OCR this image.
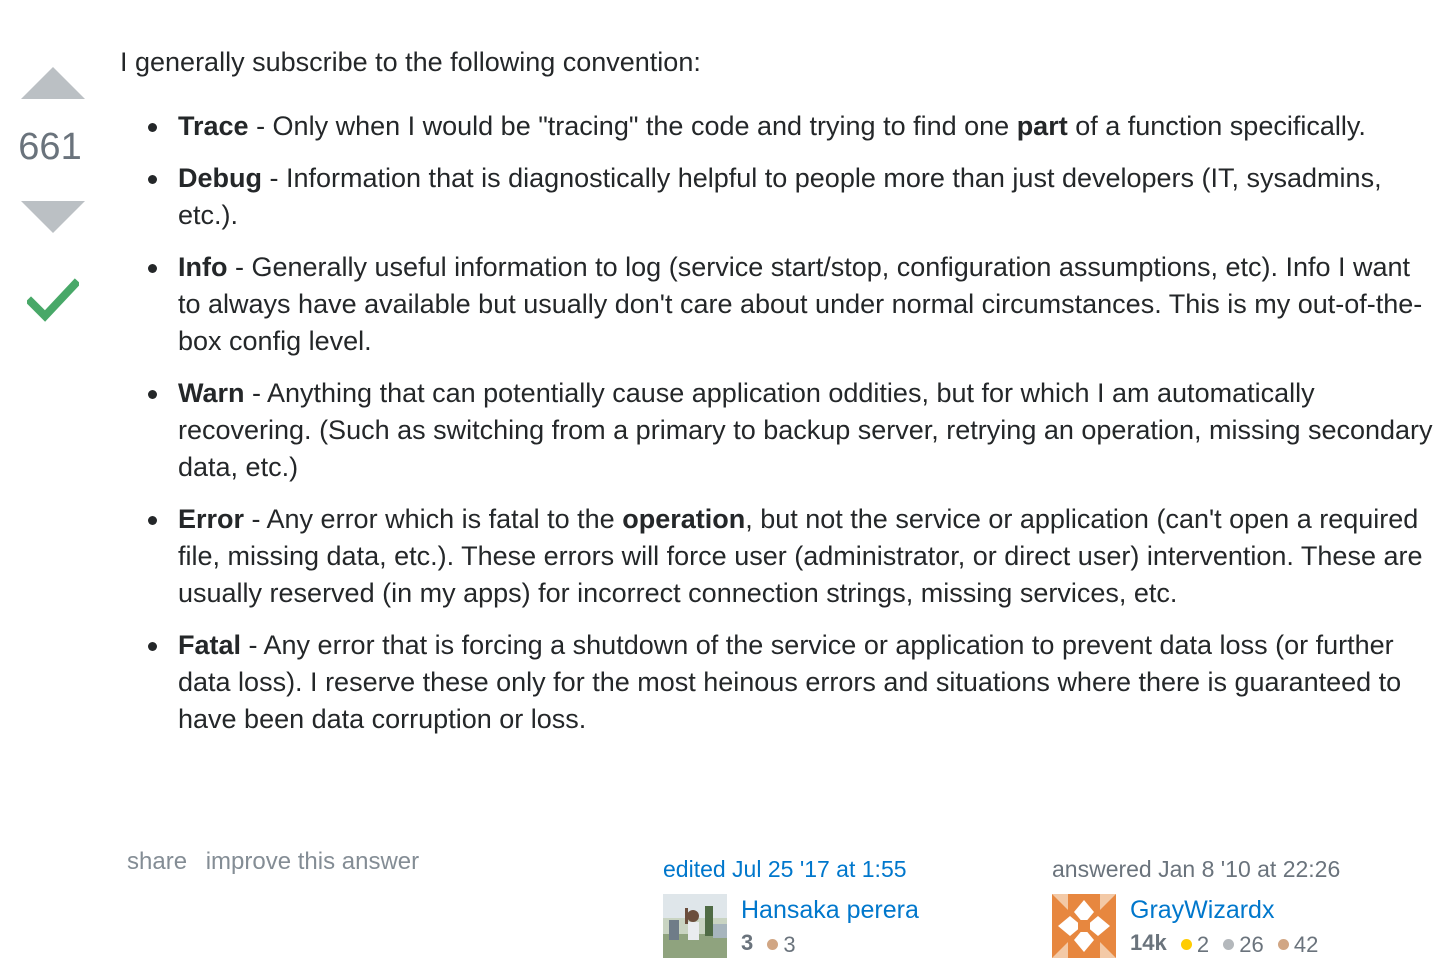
661

I generally subscribe to the following convention:

Trace - Only when I would be "tracing" the code and trying to find one part of a function specifically.
Debug - Information that is diagnostically helpful to people more than just developers (IT, sysadmins, etc.).
Info - Generally useful information to log (service start/stop, configuration assumptions, etc). Info I want to always have available but usually don't care about under normal circumstances. This is my out-of-the-box config level.
Warn - Anything that can potentially cause application oddities, but for which I am automatically recovering. (Such as switching from a primary to backup server, retrying an operation, missing secondary data, etc.)
Error - Any error which is fatal to the operation, but not the service or application (can't open a required file, missing data, etc.). These errors will force user (administrator, or direct user) intervention. These are usually reserved (in my apps) for incorrect connection strings, missing services, etc.
Fatal - Any error that is forcing a shutdown of the service or application to prevent data loss (or further data loss). I reserve these only for the most heinous errors and situations where there is guaranteed to have been data corruption or loss.
share improve this answer	edited Jul 25 '17 at 1:55
Hansaka perera
3 3
answered Jan 8 '10 at 22:26
GrayWizardx
14k 2
26
42
